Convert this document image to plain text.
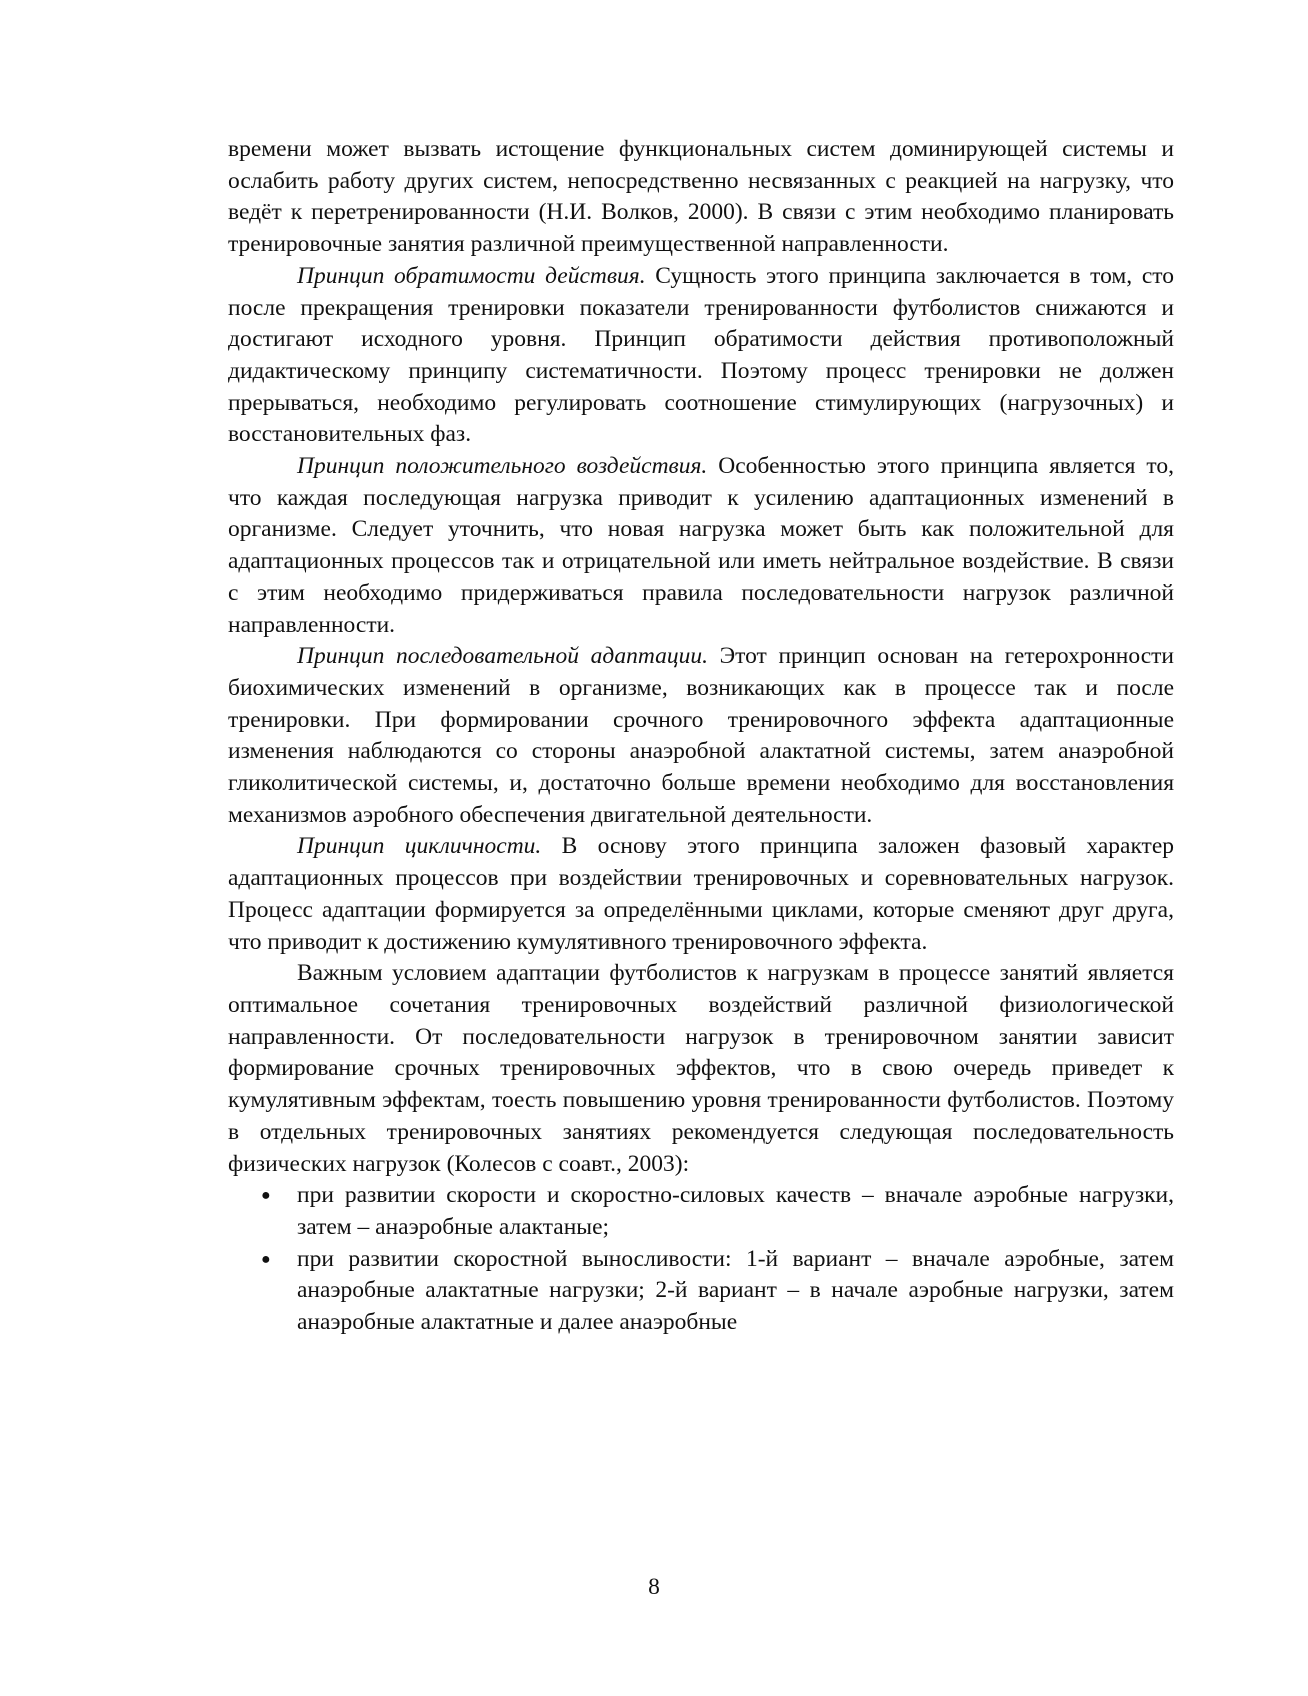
времени может вызвать истощение функциональных систем доминирующей системы и ослабить работу других систем, непосредственно несвязанных с реакцией на нагрузку, что ведёт к перетренированности (Н.И. Волков, 2000). В связи с этим необходимо планировать тренировочные занятия различной преимущественной направленности.

Принцип обратимости действия. Сущность этого принципа заключается в том, сто после прекращения тренировки показатели тренированности футболистов снижаются и достигают исходного уровня. Принцип обратимости действия противоположный дидактическому принципу систематичности. Поэтому процесс тренировки не должен прерываться, необходимо регулировать соотношение стимулирующих (нагрузочных) и восстановительных фаз.

Принцип положительного воздействия. Особенностью этого принципа является то, что каждая последующая нагрузка приводит к усилению адаптационных изменений в организме. Следует уточнить, что новая нагрузка может быть как положительной для адаптационных процессов так и отрицательной или иметь нейтральное воздействие. В связи с этим необходимо придерживаться правила последовательности нагрузок различной направленности.

Принцип последовательной адаптации. Этот принцип основан на гетерохронности биохимических изменений в организме, возникающих как в процессе так и после тренировки. При формировании срочного тренировочного эффекта адаптационные изменения наблюдаются со стороны анаэробной алактатной системы, затем анаэробной гликолитической системы, и, достаточно больше времени необходимо для восстановления механизмов аэробного обеспечения двигательной деятельности.

Принцип цикличности. В основу этого принципа заложен фазовый характер адаптационных процессов при воздействии тренировочных и соревновательных нагрузок. Процесс адаптации формируется за определёнными циклами, которые сменяют друг друга, что приводит к достижению кумулятивного тренировочного эффекта.

Важным условием адаптации футболистов к нагрузкам в процессе занятий является оптимальное сочетания тренировочных воздействий различной физиологической направленности. От последовательности нагрузок в тренировочном занятии зависит формирование срочных тренировочных эффектов, что в свою очередь приведет к кумулятивным эффектам, тоесть повышению уровня тренированности футболистов. Поэтому в отдельных тренировочных занятиях рекомендуется следующая последовательность физических нагрузок (Колесов с соавт., 2003):

● при развитии скорости и скоростно-силовых качеств – вначале аэробные нагрузки, затем – анаэробные алактаные;
● при развитии скоростной выносливости: 1-й вариант – вначале аэробные, затем анаэробные алактатные нагрузки; 2-й вариант – в начале аэробные нагрузки, затем анаэробные алактатные и далее анаэробные
8
